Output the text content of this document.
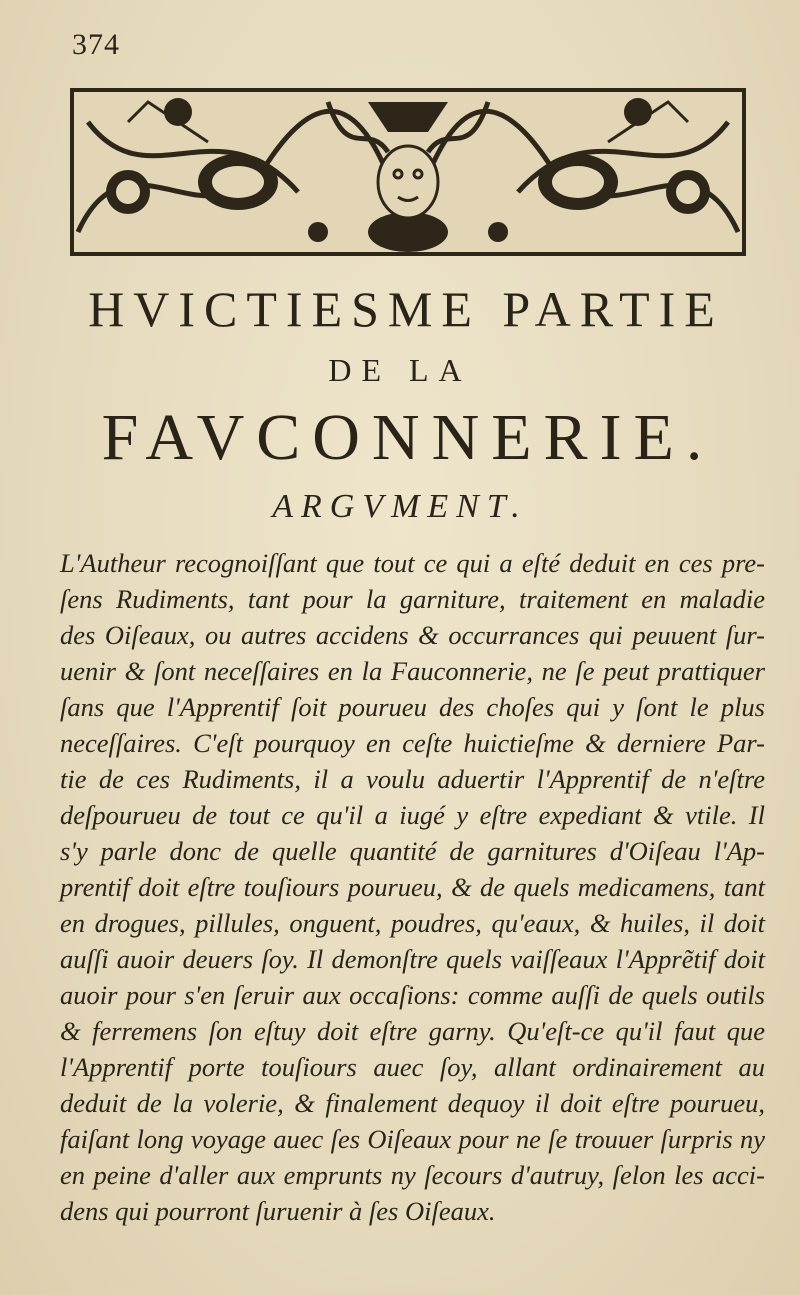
374
HVICTIESME PARTIE
DE LA
FAVCONNERIE.
ARGVMENT.
L'Autheur recognoiſſant que tout ce qui a eſté deduit en ces pre-
ſens Rudiments, tant pour la garniture, traitement en maladie
des Oiſeaux, ou autres accidens & occurrances qui peuuent ſur-
uenir & ſont neceſſaires en la Fauconnerie, ne ſe peut prattiquer
ſans que l'Apprentif ſoit pourueu des choſes qui y ſont le plus
neceſſaires. C'eſt pourquoy en ceſte huictieſme & derniere Par-
tie de ces Rudiments, il a voulu aduertir l'Apprentif de n'eſtre
deſpourueu de tout ce qu'il a iugé y eſtre expediant & vtile. Il
s'y parle donc de quelle quantité de garnitures d'Oiſeau l'Ap-
prentif doit eſtre touſiours pourueu, & de quels medicamens, tant
en drogues, pillules, onguent, poudres, qu'eaux, & huiles, il doit
auſſi auoir deuers ſoy. Il demonſtre quels vaiſſeaux l'Apprẽtif doit
auoir pour s'en ſeruir aux occaſions: comme auſſi de quels outils
& ferremens ſon eſtuy doit eſtre garny. Qu'eſt-ce qu'il faut que
l'Apprentif porte touſiours auec ſoy, allant ordinairement au
deduit de la volerie, & finalement dequoy il doit eſtre pourueu,
faiſant long voyage auec ſes Oiſeaux pour ne ſe trouuer ſurpris ny
en peine d'aller aux emprunts ny ſecours d'autruy, ſelon les acci-
dens qui pourront ſuruenir à ſes Oiſeaux.
